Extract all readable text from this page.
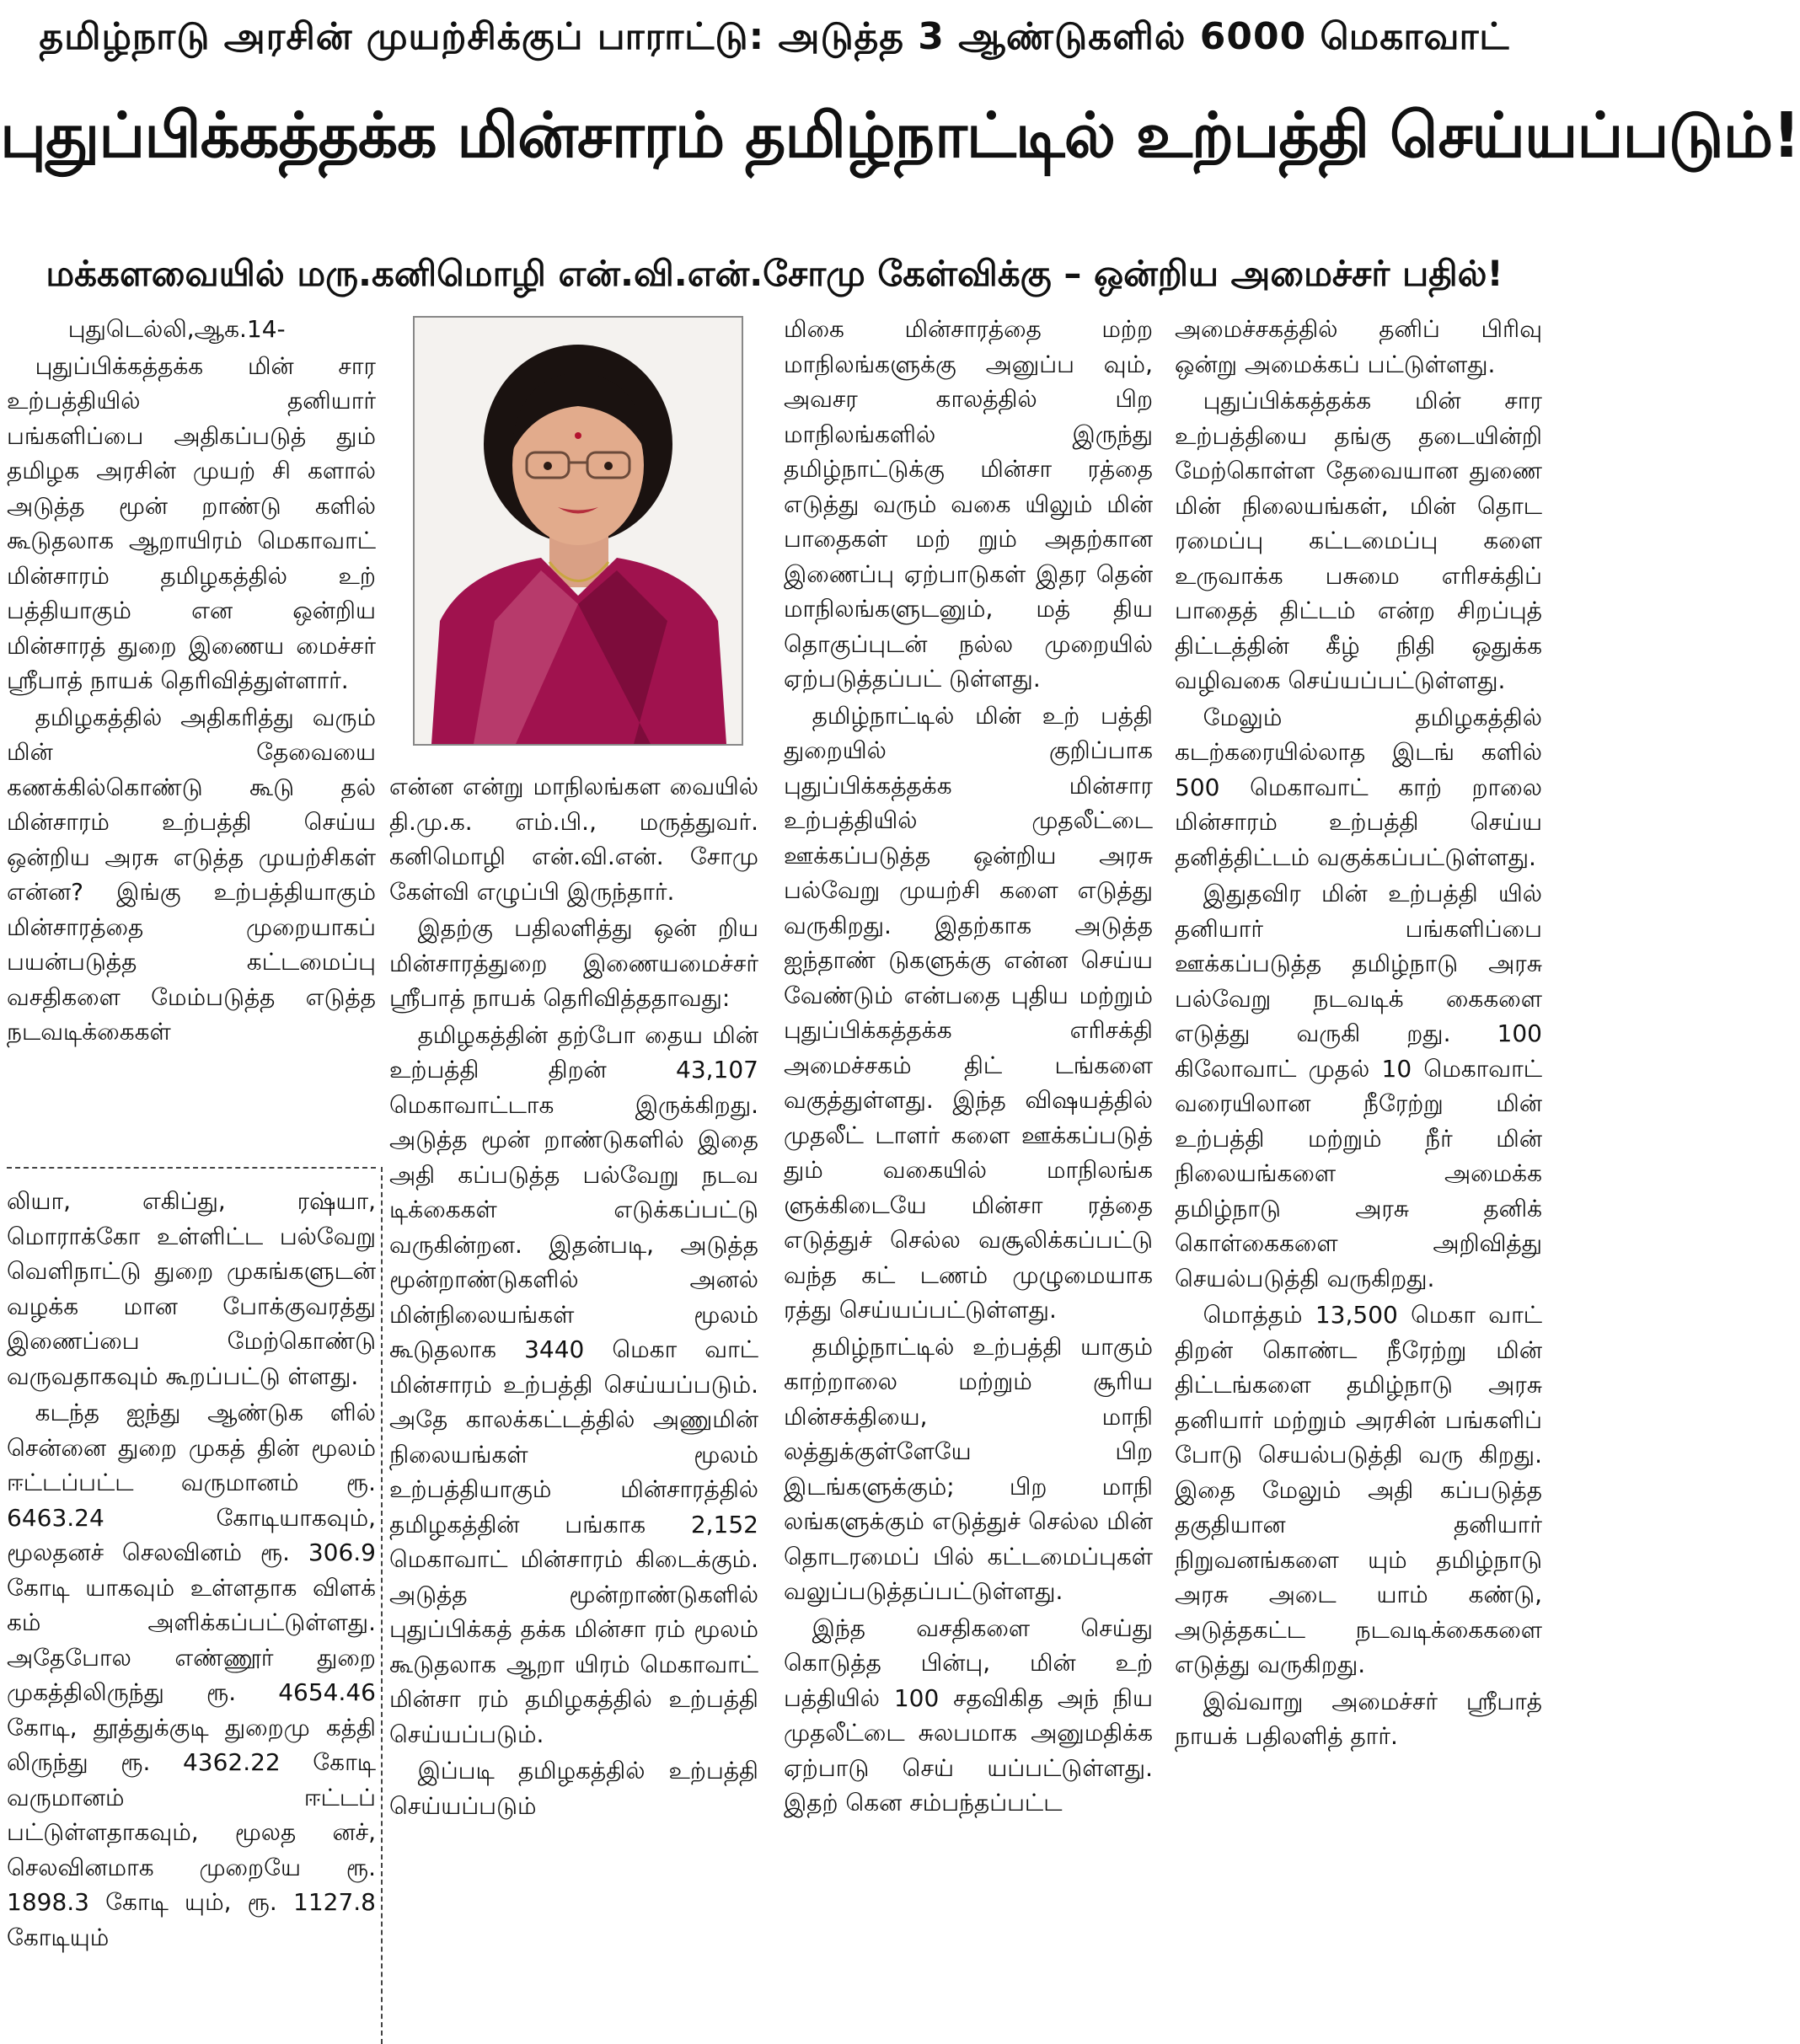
தமிழ்நாடு அரசின் முயற்சிக்குப் பாராட்டு: அடுத்த 3 ஆண்டுகளில் 6000 மெகாவாட்
புதுப்பிக்கத்தக்க மின்சாரம் தமிழ்நாட்டில் உற்பத்தி செய்யப்படும்!
மக்களவையில் மரு.கனிமொழி என்.வி.என்.சோமு கேள்விக்கு – ஒன்றிய அமைச்சர் பதில்!

புதுடெல்லி,ஆக.14-

புதுப்பிக்கத்தக்க மின் சார உற்பத்தியில் தனியார் பங்களிப்பை அதிகப்படுத் தும் தமிழக அரசின் முயற் சி களால் அடுத்த மூன் றாண்டு களில் கூடுதலாக ஆறாயிரம் மெகாவாட் மின்சாரம் தமிழகத்தில் உற் பத்தியாகும் என ஒன்றிய மின்சாரத் துறை இணைய மைச்சர் ஸ்ரீபாத் நாயக் தெரிவித்துள்ளார்.

தமிழகத்தில் அதிகரித்து வரும் மின் தேவையை கணக்கில்கொண்டு கூடு தல் மின்சாரம் உற்பத்தி செய்ய ஒன்றிய அரசு எடுத்த முயற்சிகள் என்ன? இங்கு உற்பத்தியாகும் மின்சாரத்தை முறையாகப் பயன்படுத்த கட்டமைப்பு வசதிகளை மேம்படுத்த எடுத்த நடவடிக்கைகள்

லியா, எகிப்து, ரஷ்யா, மொராக்கோ உள்ளிட்ட பல்வேறு வெளிநாட்டு துறை முகங்களுடன் வழக்க மான போக்குவரத்து இணைப்பை மேற்கொண்டு வருவதாகவும் கூறப்பட்டு ள்ளது.

கடந்த ஐந்து ஆண்டுக ளில் சென்னை துறை முகத் தின் மூலம் ஈட்டப்பட்ட வருமானம் ரூ. 6463.24 கோடியாகவும், மூலதனச் செலவினம் ரூ. 306.9 கோடி யாகவும் உள்ளதாக விளக் கம் அளிக்கப்பட்டுள்ளது. அதேபோல எண்ணூர் துறை முகத்திலிருந்து ரூ. 4654.46 கோடி, தூத்துக்குடி துறைமு கத்தி லிருந்து ரூ. 4362.22 கோடி வருமானம் ஈட்டப் பட்டுள்ளதாகவும், மூலத னச், செலவினமாக முறையே ரூ. 1898.3 கோடி யும், ரூ. 1127.8 கோடியும்

என்ன என்று மாநிலங்கள வையில் தி.மு.க. எம்.பி., மருத்துவர். கனிமொழி என்.வி.என். சோமு கேள்வி எழுப்பி இருந்தார்.

இதற்கு பதிலளித்து ஒன் றிய மின்சாரத்துறை இணையமைச்சர் ஸ்ரீபாத் நாயக் தெரிவித்ததாவது:

தமிழகத்தின் தற்போ தைய மின் உற்பத்தி திறன் 43,107 மெகாவாட்டாக இருக்கிறது. அடுத்த மூன் றாண்டுகளில் இதை அதி கப்படுத்த பல்வேறு நடவ டிக்கைகள் எடுக்கப்பட்டு வருகின்றன. இதன்படி, அடுத்த மூன்றாண்டுகளில் அனல் மின்நிலையங்கள் மூலம் கூடுதலாக 3440 மெகா வாட் மின்சாரம் உற்பத்தி செய்யப்படும். அதே காலக்கட்டத்தில் அணுமின் நிலையங்கள் மூலம் உற்பத்தியாகும் மின்சாரத்தில் தமிழகத்தின் பங்காக 2,152 மெகாவாட் மின்சாரம் கிடைக்கும். அடுத்த மூன்றாண்டுகளில் புதுப்பிக்கத் தக்க மின்சா ரம் மூலம் கூடுதலாக ஆறா யிரம் மெகாவாட் மின்சா ரம் தமிழகத்தில் உற்பத்தி செய்யப்படும்.

இப்படி தமிழகத்தில் உற்பத்தி செய்யப்படும்

மிகை மின்சாரத்தை மற்ற மாநிலங்களுக்கு அனுப்ப வும், அவசர காலத்தில் பிற மாநிலங்களில் இருந்து தமிழ்நாட்டுக்கு மின்சா ரத்தை எடுத்து வரும் வகை யிலும் மின் பாதைகள் மற் றும் அதற்கான இணைப்பு ஏற்பாடுகள் இதர தென் மாநிலங்களுடனும், மத் திய தொகுப்புடன் நல்ல முறையில் ஏற்படுத்தப்பட் டுள்ளது.

தமிழ்நாட்டில் மின் உற் பத்தி துறையில் குறிப்பாக புதுப்பிக்கத்தக்க மின்சார உற்பத்தியில் முதலீட்டை ஊக்கப்படுத்த ஒன்றிய அரசு பல்வேறு முயற்சி களை எடுத்து வருகிறது. இதற்காக அடுத்த ஐந்தாண் டுகளுக்கு என்ன செய்ய வேண்டும் என்பதை புதிய மற்றும் புதுப்பிக்கத்தக்க எரிசக்தி அமைச்சகம் திட் டங்களை வகுத்துள்ளது. இந்த விஷயத்தில் முதலீட் டாளர் களை ஊக்கப்படுத் தும் வகையில் மாநிலங்க ளுக்கிடையே மின்சா ரத்தை எடுத்துச் செல்ல வசூலிக்கப்பட்டு வந்த கட் டணம் முழுமையாக ரத்து செய்யப்பட்டுள்ளது.

தமிழ்நாட்டில் உற்பத்தி யாகும் காற்றாலை மற்றும் சூரிய மின்சக்தியை, மாநி லத்துக்குள்ளேயே பிற இடங்களுக்கும்; பிற மாநி லங்களுக்கும் எடுத்துச் செல்ல மின் தொடரமைப் பில் கட்டமைப்புகள் வலுப்படுத்தப்பட்டுள்ளது.

இந்த வசதிகளை செய்து கொடுத்த பின்பு, மின் உற் பத்தியில் 100 சதவிகித அந் நிய முதலீட்டை சுலபமாக அனுமதிக்க ஏற்பாடு செய் யப்பட்டுள்ளது. இதற் கென சம்பந்தப்பட்ட

அமைச்சகத்தில் தனிப் பிரிவு ஒன்று அமைக்கப் பட்டுள்ளது.

புதுப்பிக்கத்தக்க மின் சார உற்பத்தியை தங்கு தடையின்றி மேற்கொள்ள தேவையான துணை மின் நிலையங்கள், மின் தொட ரமைப்பு கட்டமைப்பு களை உருவாக்க பசுமை எரிசக்திப் பாதைத் திட்டம் என்ற சிறப்புத் திட்டத்தின் கீழ் நிதி ஒதுக்க வழிவகை செய்யப்பட்டுள்ளது.

மேலும் தமிழகத்தில் கடற்கரையில்லாத இடங் களில் 500 மெகாவாட் காற் றாலை மின்சாரம் உற்பத்தி செய்ய தனித்திட்டம் வகுக்கப்பட்டுள்ளது.

இதுதவிர மின் உற்பத்தி யில் தனியார் பங்களிப்பை ஊக்கப்படுத்த தமிழ்நாடு அரசு பல்வேறு நடவடிக் கைகளை எடுத்து வருகி றது. 100 கிலோவாட் முதல் 10 மெகாவாட் வரையிலான நீரேற்று மின் உற்பத்தி மற்றும் நீர் மின் நிலையங்களை அமைக்க தமிழ்நாடு அரசு தனிக் கொள்கைகளை அறிவித்து செயல்படுத்தி வருகிறது.

மொத்தம் 13,500 மெகா வாட் திறன் கொண்ட நீரேற்று மின் திட்டங்களை தமிழ்நாடு அரசு தனியார் மற்றும் அரசின் பங்களிப் போடு செயல்படுத்தி வரு கிறது. இதை மேலும் அதி கப்படுத்த தகுதியான தனியார் நிறுவனங்களை யும் தமிழ்நாடு அரசு அடை யாம் கண்டு, அடுத்தகட்ட நடவடிக்கைகளை எடுத்து வருகிறது.

இவ்வாறு அமைச்சர் ஸ்ரீபாத் நாயக் பதிலளித் தார்.
